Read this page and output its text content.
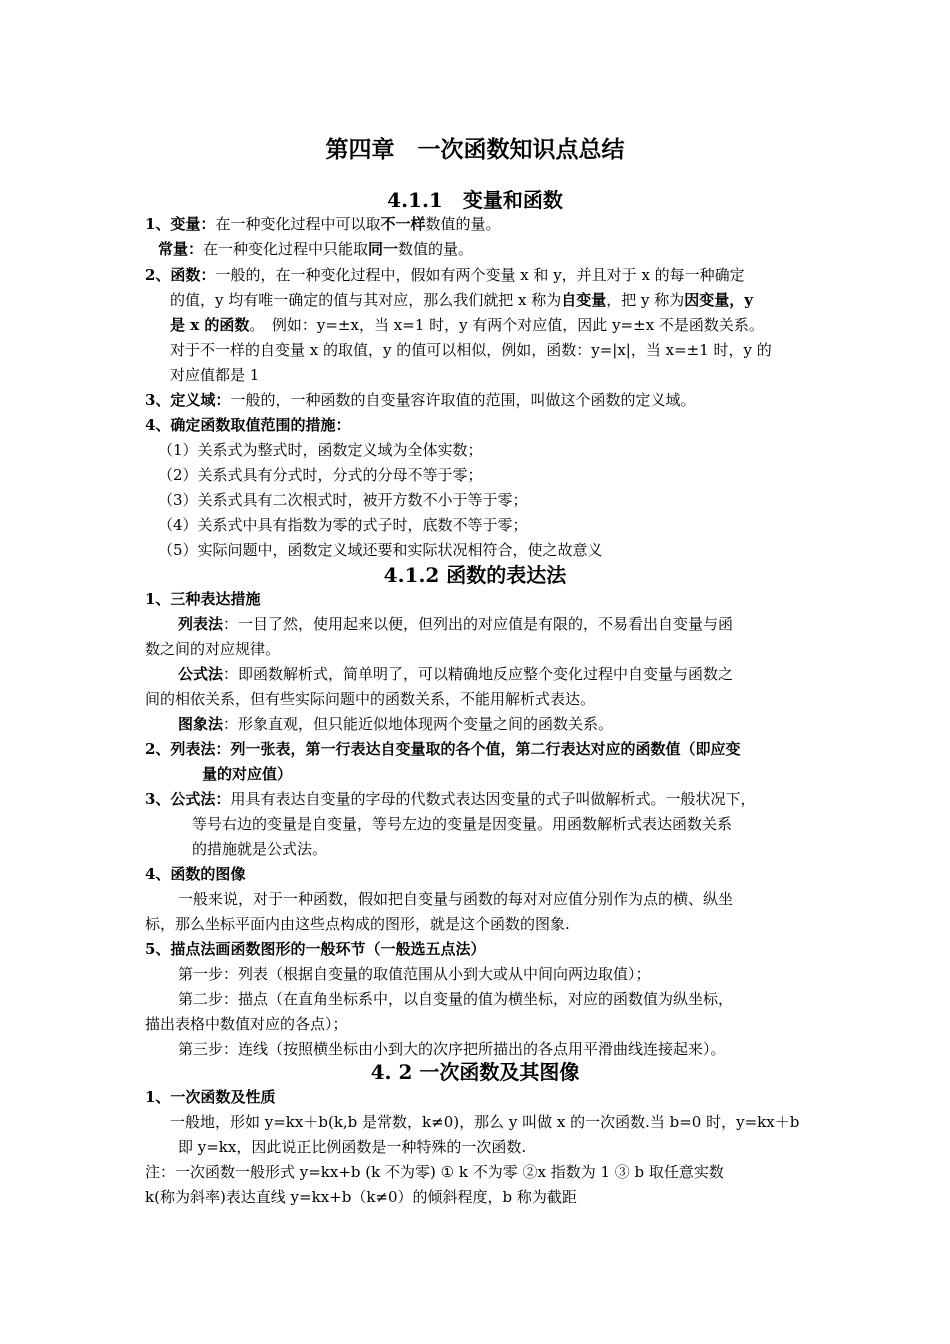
第四章　一次函数知识点总结
4.1.1　变量和函数
1、变量：在一种变化过程中可以取不一样数值的量。
常量：在一种变化过程中只能取同一数值的量。
2、函数：一般的，在一种变化过程中，假如有两个变量 x 和 y，并且对于 x 的每一种确定
的值，y 均有唯一确定的值与其对应，那么我们就把 x 称为自变量，把 y 称为因变量，y
是 x 的函数。　例如：y=±x，当 x=1 时，y 有两个对应值，因此 y=±x 不是函数关系。
对于不一样的自变量 x 的取值，y 的值可以相似，例如，函数：y=|x|，当 x=±1 时，y 的
对应值都是 1
3、定义域：一般的，一种函数的自变量容许取值的范围，叫做这个函数的定义域。
4、确定函数取值范围的措施：
（1）关系式为整式时，函数定义域为全体实数；
（2）关系式具有分式时，分式的分母不等于零；
（3）关系式具有二次根式时，被开方数不小于等于零；
（4）关系式中具有指数为零的式子时，底数不等于零；
（5）实际问题中，函数定义域还要和实际状况相符合，使之故意义
4.1.2 函数的表达法
1、三种表达措施
列表法：一目了然，使用起来以便，但列出的对应值是有限的，不易看出自变量与函
数之间的对应规律。
公式法：即函数解析式，简单明了，可以精确地反应整个变化过程中自变量与函数之
间的相依关系，但有些实际问题中的函数关系，不能用解析式表达。
图象法：形象直观，但只能近似地体现两个变量之间的函数关系。
2、列表法：列一张表，第一行表达自变量取的各个值，第二行表达对应的函数值（即应变
量的对应值）
3、公式法：用具有表达自变量的字母的代数式表达因变量的式子叫做解析式。一般状况下，
等号右边的变量是自变量，等号左边的变量是因变量。用函数解析式表达函数关系
的措施就是公式法。
4、函数的图像
一般来说，对于一种函数，假如把自变量与函数的每对对应值分别作为点的横、纵坐
标，那么坐标平面内由这些点构成的图形，就是这个函数的图象.
5、描点法画函数图形的一般环节（一般选五点法）
第一步：列表（根据自变量的取值范围从小到大或从中间向两边取值）；
第二步：描点（在直角坐标系中，以自变量的值为横坐标，对应的函数值为纵坐标，
描出表格中数值对应的各点）；
第三步：连线（按照横坐标由小到大的次序把所描出的各点用平滑曲线连接起来）。
4. 2 一次函数及其图像
1、一次函数及性质
一般地，形如 y=kx＋b(k,b 是常数，k≠0)，那么 y 叫做 x 的一次函数.当 b=0 时，y=kx＋b
即 y=kx，因此说正比例函数是一种特殊的一次函数.
注：一次函数一般形式 y=kx+b (k 不为零) ① k 不为零 ②x 指数为 1 ③ b 取任意实数
k(称为斜率)表达直线 y=kx+b（k≠0）的倾斜程度，b 称为截距
